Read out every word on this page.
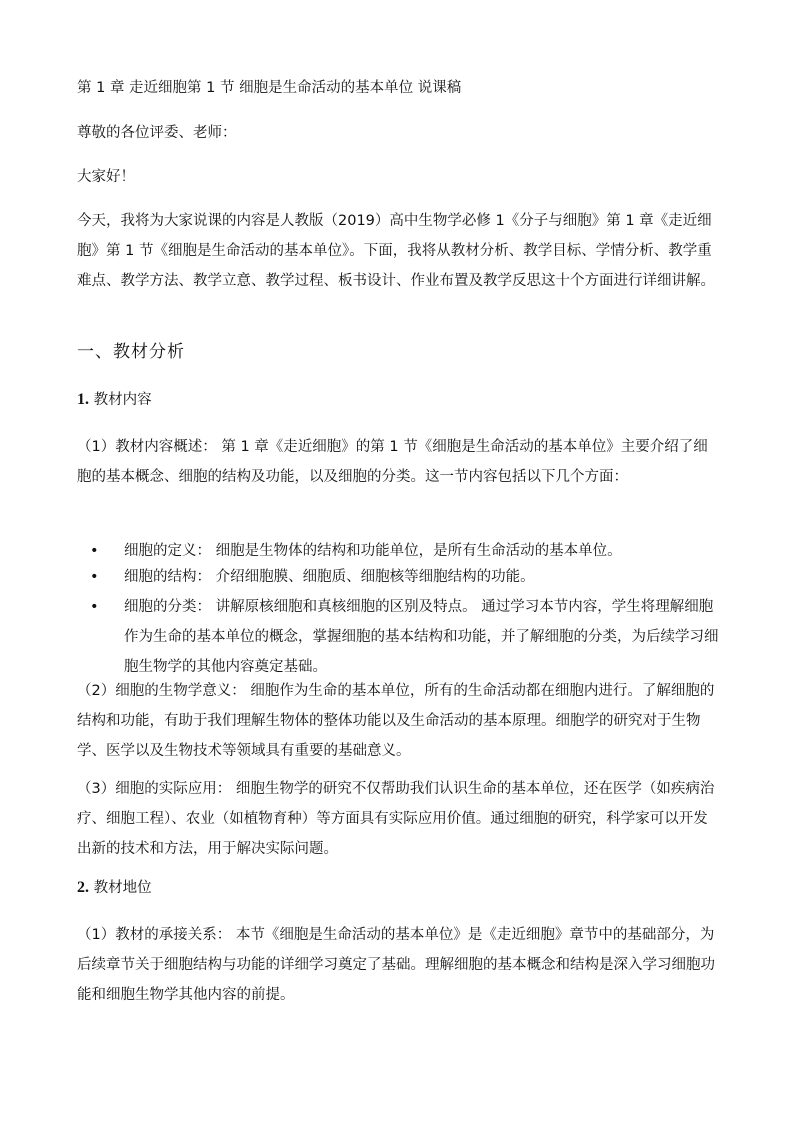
第 1 章 走近细胞第 1 节 细胞是生命活动的基本单位 说课稿
尊敬的各位评委、老师：
大家好！
今天，我将为大家说课的内容是人教版（2019）高中生物学必修 1《分子与细胞》第 1 章《走近细胞》第 1 节《细胞是生命活动的基本单位》。下面，我将从教材分析、教学目标、学情分析、教学重难点、教学方法、教学立意、教学过程、板书设计、作业布置及教学反思这十个方面进行详细讲解。
一、教材分析
1. 教材内容
（1）教材内容概述： 第 1 章《走近细胞》的第 1 节《细胞是生命活动的基本单位》主要介绍了细胞的基本概念、细胞的结构及功能，以及细胞的分类。这一节内容包括以下几个方面：
• 细胞的定义： 细胞是生物体的结构和功能单位，是所有生命活动的基本单位。
• 细胞的结构： 介绍细胞膜、细胞质、细胞核等细胞结构的功能。
• 细胞的分类： 讲解原核细胞和真核细胞的区别及特点。 通过学习本节内容，学生将理解细胞作为生命的基本单位的概念，掌握细胞的基本结构和功能，并了解细胞的分类，为后续学习细胞生物学的其他内容奠定基础。
（2）细胞的生物学意义： 细胞作为生命的基本单位，所有的生命活动都在细胞内进行。了解细胞的结构和功能，有助于我们理解生物体的整体功能以及生命活动的基本原理。细胞学的研究对于生物学、医学以及生物技术等领域具有重要的基础意义。
（3）细胞的实际应用： 细胞生物学的研究不仅帮助我们认识生命的基本单位，还在医学（如疾病治疗、细胞工程）、农业（如植物育种）等方面具有实际应用价值。通过细胞的研究，科学家可以开发出新的技术和方法，用于解决实际问题。
2. 教材地位
（1）教材的承接关系： 本节《细胞是生命活动的基本单位》是《走近细胞》章节中的基础部分，为后续章节关于细胞结构与功能的详细学习奠定了基础。理解细胞的基本概念和结构是深入学习细胞功能和细胞生物学其他内容的前提。
